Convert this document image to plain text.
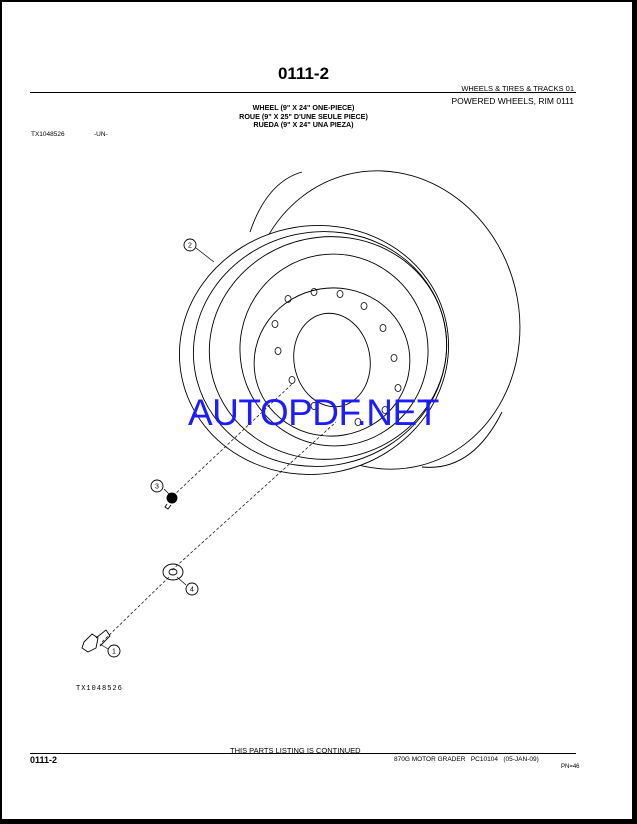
0111-2
WHEELS & TIRES & TRACKS 01
POWERED WHEELS, RIM 0111
WHEEL (9" X 24" ONE-PIECE)
ROUE (9" X 25" D'UNE SEULE PIECE)
RUEDA (9" X 24" UNA PIEZA)
TX1048526	-UN-
2
3
4
1
TX1048526
AUTOPDF.NET
THIS PARTS LISTING IS CONTINUED
0111-2	870G MOTOR GRADER PC10104 (05-JAN-09)
PN=46
